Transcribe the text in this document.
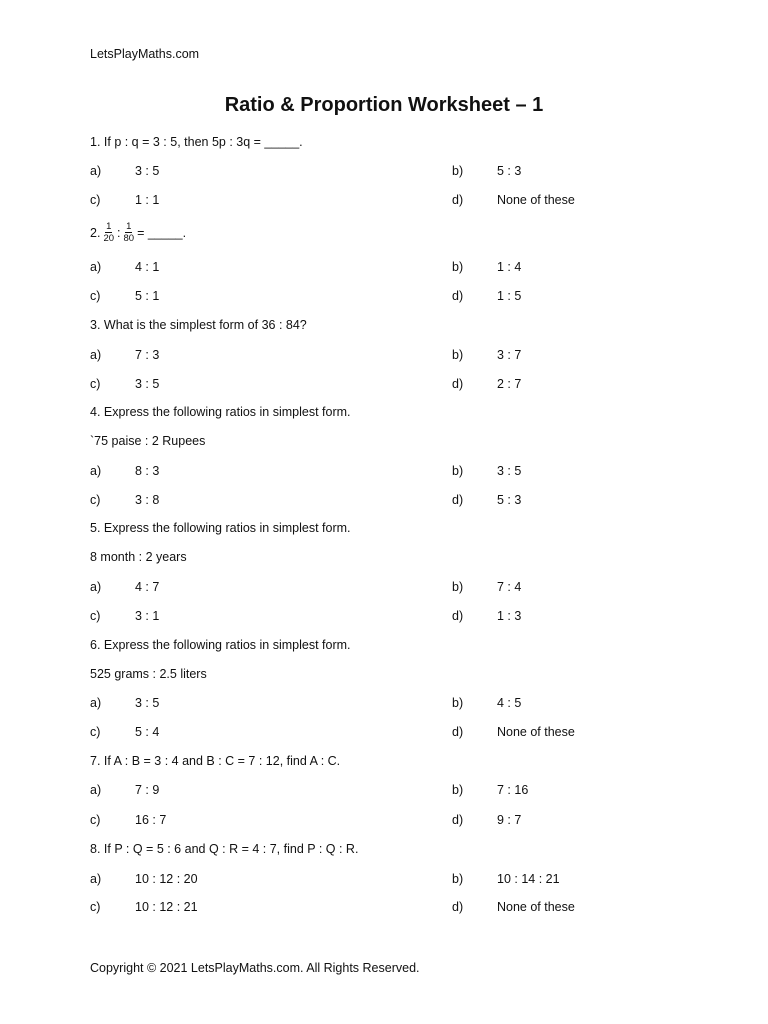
LetsPlayMaths.com
Ratio & Proportion Worksheet – 1
1. If p : q = 3 : 5, then 5p : 3q = _____.
a)	3 : 5	b)	5 : 3
c)	1 : 1	d)	None of these
2. $\frac{1}{20}$ : $\frac{1}{80}$ = _____.
a)	4 : 1	b)	1 : 4
c)	5 : 1	d)	1 : 5
3. What is the simplest form of 36 : 84?
a)	7 : 3	b)	3 : 7
c)	3 : 5	d)	2 : 7
4. Express the following ratios in simplest form.
`75 paise : 2 Rupees
a)	8 : 3	b)	3 : 5
c)	3 : 8	d)	5 : 3
5. Express the following ratios in simplest form.
8 month : 2 years
a)	4 : 7	b)	7 : 4
c)	3 : 1	d)	1 : 3
6. Express the following ratios in simplest form.
525 grams : 2.5 liters
a)	3 : 5	b)	4 : 5
c)	5 : 4	d)	None of these
7. If A : B = 3 : 4 and B : C = 7 : 12, find A : C.
a)	7 : 9	b)	7 : 16
c)	16 : 7	d)	9 : 7
8. If P : Q = 5 : 6 and Q : R = 4 : 7, find P : Q : R.
a)	10 : 12 : 20	b)	10 : 14 : 21
c)	10 : 12 : 21	d)	None of these
Copyright © 2021 LetsPlayMaths.com. All Rights Reserved.
